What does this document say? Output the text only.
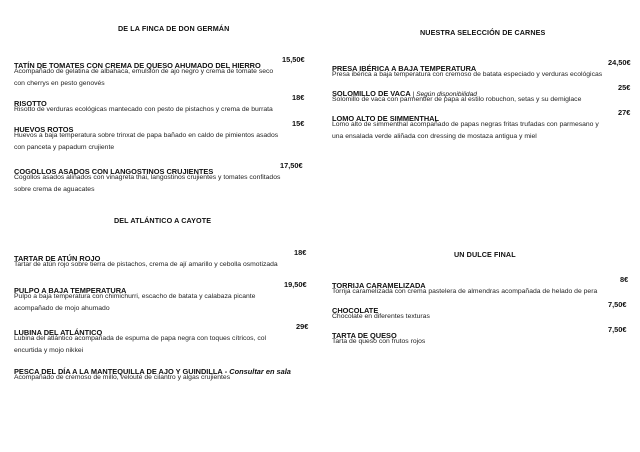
DE LA FINCA DE DON GERMÁN
TATÍN DE TOMATES CON CREMA DE QUESO AHUMADO DEL HIERRO
15,50€
Acompañado de gelatina de albahaca, emulsión de ajo negro y crema de tomate seco
con cherrys en pesto genovés
RISOTTO
18€
Risotto de verduras ecológicas mantecado con pesto de pistachos y crema de burrata
HUEVOS ROTOS
15€
Huevos a baja temperatura sobre trinxat de papa bañado en caldo de pimientos asados
con panceta y papadum crujiente
COGOLLOS ASADOS CON LANGOSTINOS CRUJIENTES
17,50€
Cogollos asados aliñados con vinagreta thai, langostinos crujientes y tomates confitados
sobre crema de aguacates
DEL ATLÁNTICO A CAYOTE
TARTAR DE ATÚN ROJO
18€
Tartar de atún rojo sobre tierra de pistachos, crema de ají amarillo y cebolla osmotizada
PULPO A BAJA TEMPERATURA
19,50€
Pulpo a baja temperatura con chimichurri, escacho de batata y calabaza picante
acompañado de mojo ahumado
LUBINA DEL ATLÁNTICO
29€
Lubina del atlántico acompañada de espuma de papa negra con toques cítricos, col
encurtida y mojo nikkei
PESCA DEL DÍA A LA MANTEQUILLA DE AJO Y GUINDILLA - Consultar en sala
Acompañado de cremoso de millo, velouté de cilantro y algas crujientes
NUESTRA SELECCIÓN DE CARNES
PRESA IBÉRICA A BAJA TEMPERATURA
24,50€
Presa ibérica a baja temperatura con cremoso de batata especiado y verduras ecológicas
SOLOMILLO DE VACA | Según disponibilidad
25€
Solomillo de vaca con parmentier de papa al estilo robuchon, setas y su demiglace
LOMO ALTO DE SIMMENTHAL
27€
Lomo alto de simmenthal acompañado de papas negras fritas trufadas con parmesano y
una ensalada verde aliñada con dressing de mostaza antigua y miel
UN DULCE FINAL
TORRIJA CARAMELIZADA
8€
Torrija caramelizada con crema pastelera de almendras acompañada de helado de pera
CHOCOLATE
7,50€
Chocolate en diferentes texturas
TARTA DE QUESO
7,50€
Tarta de queso con frutos rojos
